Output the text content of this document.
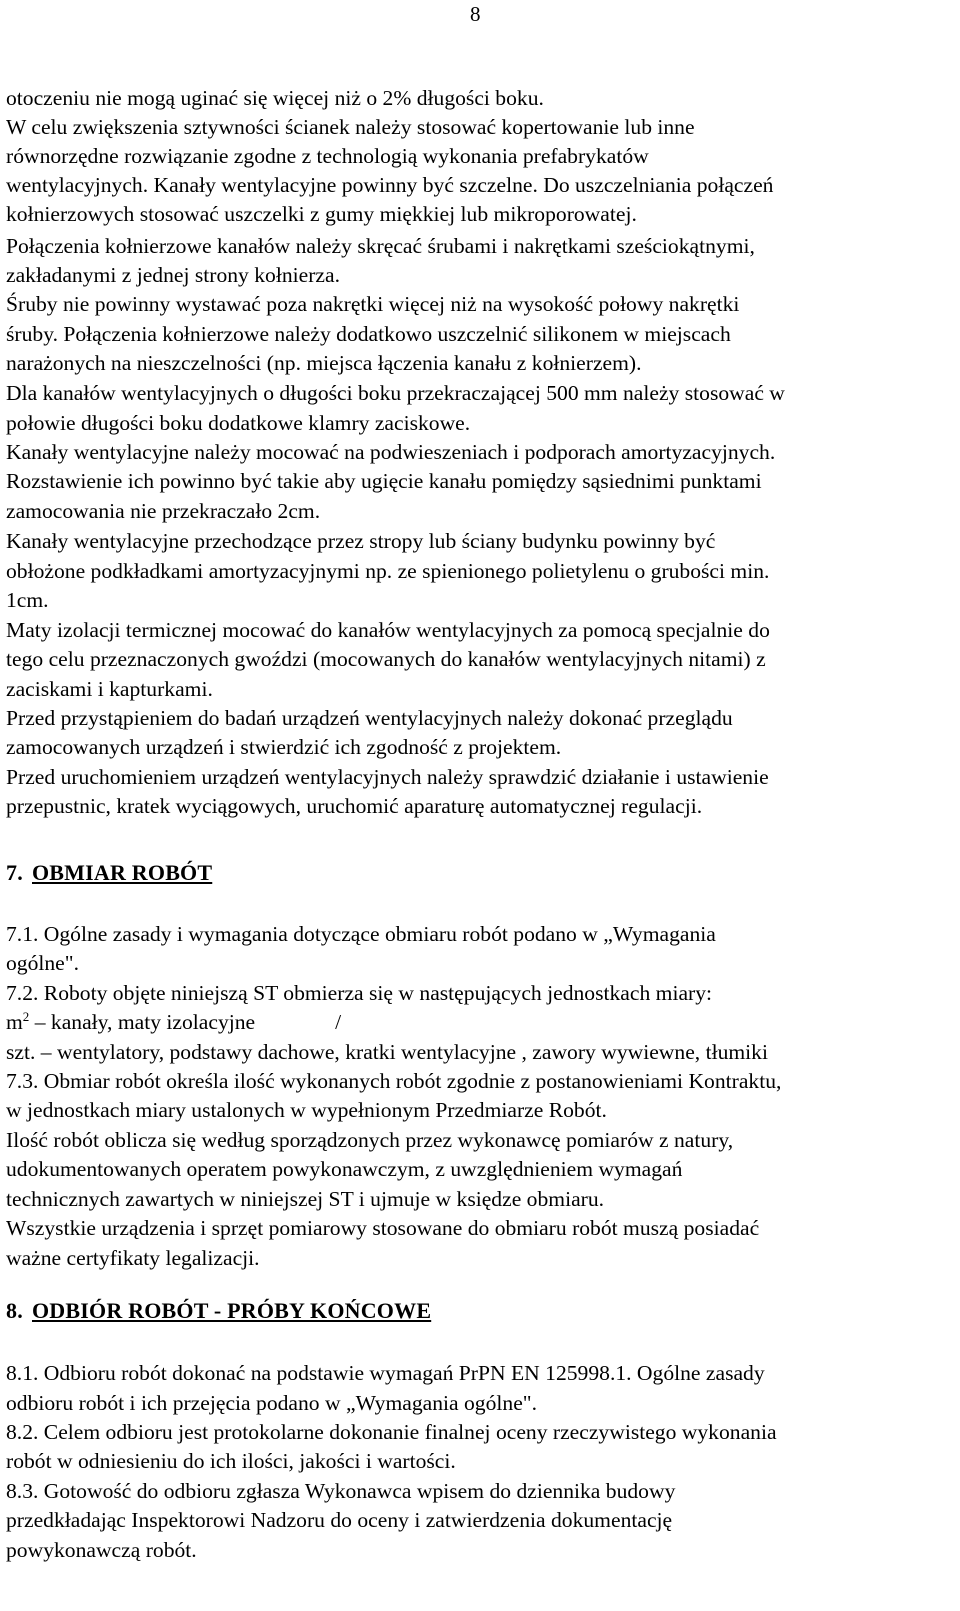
8
otoczeniu nie mogą uginać się więcej niż o 2% długości boku.
W celu zwiększenia sztywności ścianek należy stosować kopertowanie lub inne
równorzędne rozwiązanie zgodne z technologią wykonania prefabrykatów
wentylacyjnych. Kanały wentylacyjne powinny być szczelne. Do uszczelniania połączeń
kołnierzowych stosować uszczelki z gumy miękkiej lub mikroporowatej.
Połączenia kołnierzowe kanałów należy skręcać śrubami i nakrętkami sześciokątnymi,
zakładanymi z jednej strony kołnierza.
Śruby nie powinny wystawać poza nakrętki więcej niż na wysokość połowy nakrętki
śruby. Połączenia kołnierzowe należy dodatkowo uszczelnić silikonem w miejscach
narażonych na nieszczelności (np. miejsca łączenia kanału z kołnierzem).
Dla kanałów wentylacyjnych o długości boku przekraczającej 500 mm należy stosować w
połowie długości boku dodatkowe klamry zaciskowe.
Kanały wentylacyjne należy mocować na podwieszeniach i podporach amortyzacyjnych.
Rozstawienie ich powinno być takie aby ugięcie kanału pomiędzy sąsiednimi punktami
zamocowania nie przekraczało 2cm.
Kanały wentylacyjne przechodzące przez stropy lub ściany budynku powinny być
obłożone podkładkami amortyzacyjnymi np. ze spienionego polietylenu o grubości min.
1cm.
Maty izolacji termicznej mocować do kanałów wentylacyjnych za pomocą specjalnie do
tego celu przeznaczonych gwoździ (mocowanych do kanałów wentylacyjnych nitami) z
zaciskami i kapturkami.
Przed przystąpieniem do badań urządzeń wentylacyjnych należy dokonać przeglądu
zamocowanych urządzeń i stwierdzić ich zgodność z projektem.
Przed uruchomieniem urządzeń wentylacyjnych należy sprawdzić działanie i ustawienie
przepustnic, kratek wyciągowych, uruchomić aparaturę automatycznej regulacji.
7. OBMIAR ROBÓT
7.1. Ogólne zasady i wymagania dotyczące obmiaru robót podano w „Wymagania
ogólne".
7.2. Roboty objęte niniejszą ST obmierza się w następujących jednostkach miary:
$m^2$ – kanały, maty izolacyjne	/
szt. – wentylatory, podstawy dachowe, kratki wentylacyjne , zawory wywiewne, tłumiki
7.3. Obmiar robót określa ilość wykonanych robót zgodnie z postanowieniami Kontraktu,
w jednostkach miary ustalonych w wypełnionym Przedmiarze Robót.
Ilość robót oblicza się według sporządzonych przez wykonawcę pomiarów z natury,
udokumentowanych operatem powykonawczym, z uwzględnieniem wymagań
technicznych zawartych w niniejszej ST i ujmuje w księdze obmiaru.
Wszystkie urządzenia i sprzęt pomiarowy stosowane do obmiaru robót muszą posiadać
ważne certyfikaty legalizacji.
8. ODBIÓR ROBÓT - PRÓBY KOŃCOWE
8.1. Odbioru robót dokonać na podstawie wymagań PrPN EN 125998.1. Ogólne zasady
odbioru robót i ich przejęcia podano w „Wymagania ogólne".
8.2. Celem odbioru jest protokolarne dokonanie finalnej oceny rzeczywistego wykonania
robót w odniesieniu do ich ilości, jakości i wartości.
8.3. Gotowość do odbioru zgłasza Wykonawca wpisem do dziennika budowy
przedkładając Inspektorowi Nadzoru do oceny i zatwierdzenia dokumentację
powykonawczą robót.
